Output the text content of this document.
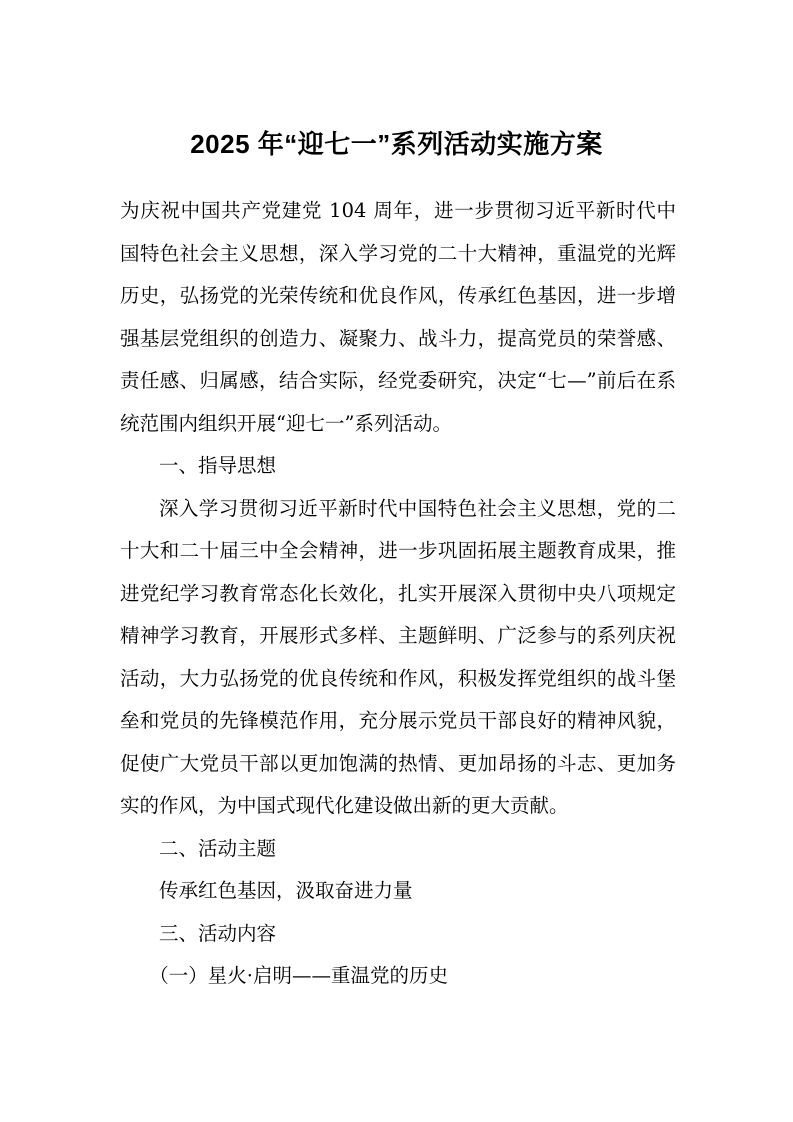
2025 年“迎七一”系列活动实施方案

为庆祝中国共产党建党 104 周年，进一步贯彻习近平新时代中国特色社会主义思想，深入学习党的二十大精神，重温党的光辉历史，弘扬党的光荣传统和优良作风，传承红色基因，进一步增强基层党组织的创造力、凝聚力、战斗力，提高党员的荣誉感、责任感、归属感，结合实际，经党委研究，决定“七—”前后在系统范围内组织开展“迎七一”系列活动。

一、指导思想

深入学习贯彻习近平新时代中国特色社会主义思想，党的二十大和二十届三中全会精神，进一步巩固拓展主题教育成果，推进党纪学习教育常态化长效化，扎实开展深入贯彻中央八项规定精神学习教育，开展形式多样、主题鲜明、广泛参与的系列庆祝活动，大力弘扬党的优良传统和作风，积极发挥党组织的战斗堡垒和党员的先锋模范作用，充分展示党员干部良好的精神风貌，促使广大党员干部以更加饱满的热情、更加昂扬的斗志、更加务实的作风，为中国式现代化建设做出新的更大贡献。

二、活动主题

传承红色基因，汲取奋进力量

三、活动内容

（一）星火·启明——重温党的历史
